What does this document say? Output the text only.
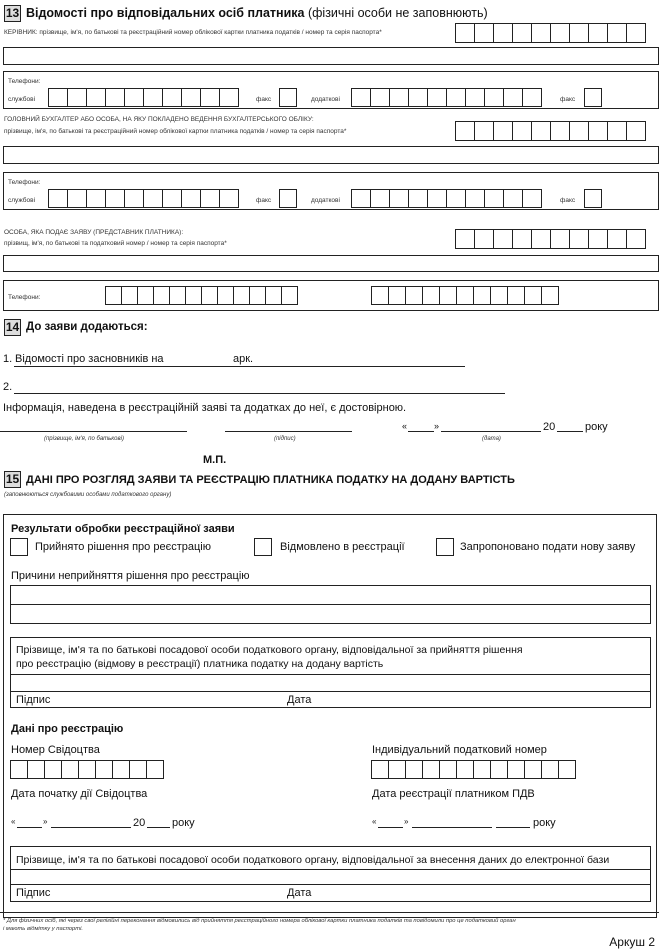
13 Відомості про відповідальних осіб платника (фізичні особи не заповнюють)
КЕРІВНИК: прізвище, ім'я, по батькові та реєстраційний номер облікової картки платника податків / номер та серія паспорта*
Телефони:
службові	факс	додаткові	факс
ГОЛОВНИЙ БУХГАЛТЕР АБО ОСОБА, НА ЯКУ ПОКЛАДЕНО ВЕДЕННЯ БУХГАЛТЕРСЬКОГО ОБЛІКУ:
прізвище, ім'я, по батькові та реєстраційний номер облікової картки платника податків / номер та серія паспорта*
Телефони:
службові	факс	додаткові	факс
ОСОБА, ЯКА ПОДАЄ ЗАЯВУ (ПРЕДСТАВНИК ПЛАТНИКА):
прізвищ, ім'я, по батькові та податковий номер / номер та серія паспорта*
Телефони:
14 До заяви додаються:
1. Відомості про засновників на	арк.
2.
Інформація, наведена в реєстраційній заяві та додатках до неї, є достовірною.
«	»	20	року
(прізвище, ім'я, по батькові)	(підпис)	(дата)
М.П.
15 ДАНІ ПРО РОЗГЛЯД ЗАЯВИ ТА РЕЄСТРАЦІЮ ПЛАТНИКА ПОДАТКУ НА ДОДАНУ ВАРТІСТЬ
(заповнюються службовими особами податкового органу)
Результати обробки реєстраційної заяви
Прийнято рішення про реєстрацію	Відмовлено в реєстрації	Запропоновано подати нову заяву
Причини неприйняття рішення про реєстрацію
Прізвище, ім'я та по батькові посадової особи податкового органу, відповідальної за прийняття рішення
про реєстрацію (відмову в реєстрації) платника податку на додану вартість
Підпис	Дата
Дані про реєстрацію
Номер Свідоцтва	Індивідуальний податковий номер
Дата початку дії Свідоцтва	Дата реєстрації платником ПДВ
«	»	20 року	«	»	року
Прізвище, ім'я та по батькові посадової особи податкового органу, відповідальної за внесення даних до електронної бази
Підпис	Дата
* Для фізичних осіб, які через свої релігійні переконання відмовились від прийняття реєстраційного номера облікової картки платника податків та повідомили про це податковий орган
і мають відмітку у паспорті.
Аркуш 2
